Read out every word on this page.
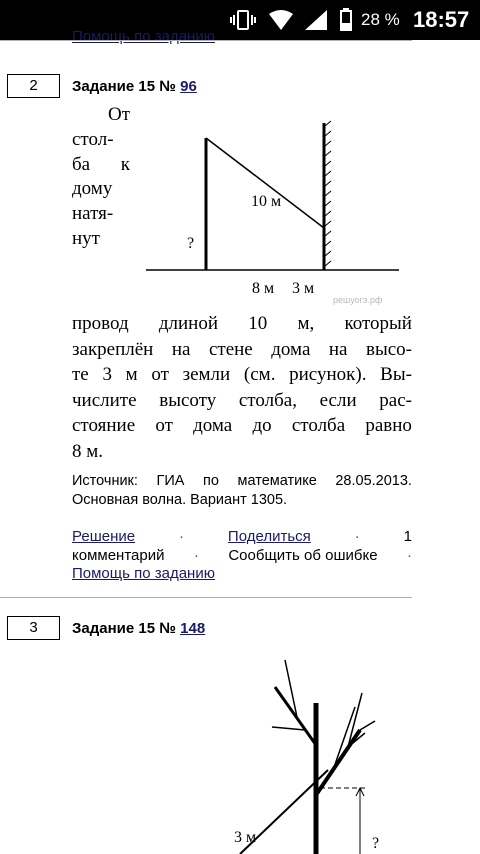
28 % 18:57
Помощь по заданию
2	Задание 15 № 96
От
стол-
ба к
дому
натя-
нут
10 м
?
3 м
решуогэ.рф
8 м
провод длиной 10 м, который
закреплён на стене дома на высо-
те 3 м от земли (см. рисунок). Вы-
числите высоту столба, если рас-
стояние от дома до столба равно
8 м.
Источник: ГИА по математике 28.05.2013.
Основная волна. Вариант 1305.
Решение	·	Поделиться	·	1
комментарий · Сообщить об ошибке ·
Помощь по заданию
3	Задание 15 № 148
3 м	?
